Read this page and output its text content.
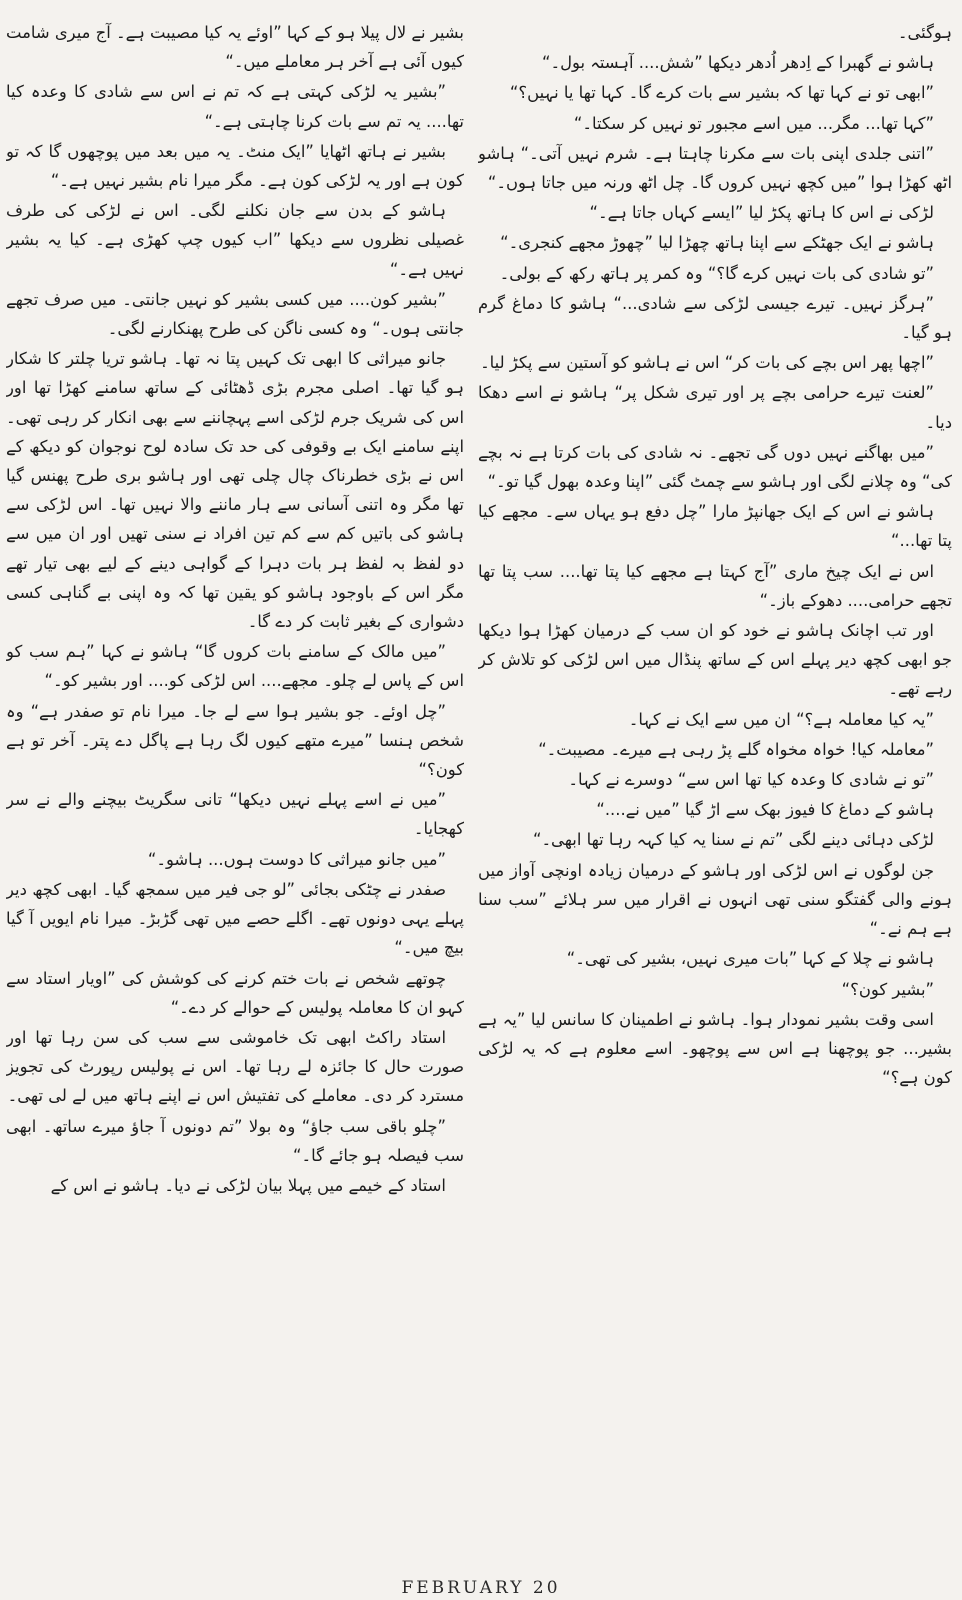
ہوگئی۔

ہاشو نے گھبرا کے اِدھر اُدھر دیکھا ”شش.... آہستہ بول۔“

”ابھی تو نے کہا تھا کہ بشیر سے بات کرے گا۔ کہا تھا یا نہیں؟“

”کہا تھا... مگر... میں اسے مجبور تو نہیں کر سکتا۔“

”اتنی جلدی اپنی بات سے مکرنا چاہتا ہے۔ شرم نہیں آتی۔“ ہاشو اٹھ کھڑا ہوا ”میں کچھ نہیں کروں گا۔ چل اٹھ ورنہ میں جاتا ہوں۔“

لڑکی نے اس کا ہاتھ پکڑ لیا ”ایسے کہاں جاتا ہے۔“

ہاشو نے ایک جھٹکے سے اپنا ہاتھ چھڑا لیا ”چھوڑ مجھے کنجری۔“

”تو شادی کی بات نہیں کرے گا؟“ وہ کمر پر ہاتھ رکھ کے بولی۔

”ہرگز نہیں۔ تیرے جیسی لڑکی سے شادی...“ ہاشو کا دماغ گرم ہو گیا۔

”اچھا پھر اس بچے کی بات کر“ اس نے ہاشو کو آستین سے پکڑ لیا۔

”لعنت تیرے حرامی بچے پر اور تیری شکل پر“ ہاشو نے اسے دھکا دیا۔

”میں بھاگنے نہیں دوں گی تجھے۔ نہ شادی کی بات کرتا ہے نہ بچے کی“ وہ چلانے لگی اور ہاشو سے چمٹ گئی ”اپنا وعدہ بھول گیا تو۔“

ہاشو نے اس کے ایک جھانپڑ مارا ”چل دفع ہو یہاں سے۔ مجھے کیا پتا تھا...“

اس نے ایک چیخ ماری ”آج کہتا ہے مجھے کیا پتا تھا.... سب پتا تھا تجھے حرامی.... دھوکے باز۔“

اور تب اچانک ہاشو نے خود کو ان سب کے درمیان کھڑا ہوا دیکھا جو ابھی کچھ دیر پہلے اس کے ساتھ پنڈال میں اس لڑکی کو تلاش کر رہے تھے۔

”یہ کیا معاملہ ہے؟“ ان میں سے ایک نے کہا۔

”معاملہ کیا! خواہ مخواہ گلے پڑ رہی ہے میرے۔ مصیبت۔“

”تو نے شادی کا وعدہ کیا تھا اس سے“ دوسرے نے کہا۔

ہاشو کے دماغ کا فیوز بھک سے اڑ گیا ”میں نے....“

لڑکی دہائی دینے لگی ”تم نے سنا یہ کیا کہہ رہا تھا ابھی۔“

جن لوگوں نے اس لڑکی اور ہاشو کے درمیان زیادہ اونچی آواز میں ہونے والی گفتگو سنی تھی انہوں نے اقرار میں سر ہلائے ”سب سنا ہے ہم نے۔“

ہاشو نے چلا کے کہا ”بات میری نہیں، بشیر کی تھی۔“

”بشیر کون؟“

اسی وقت بشیر نمودار ہوا۔ ہاشو نے اطمینان کا سانس لیا ”یہ ہے بشیر... جو پوچھنا ہے اس سے پوچھو۔ اسے معلوم ہے کہ یہ لڑکی کون ہے؟“

بشیر نے لال پیلا ہو کے کہا ”اوئے یہ کیا مصیبت ہے۔ آج میری شامت کیوں آئی ہے آخر ہر معاملے میں۔“

”بشیر یہ لڑکی کہتی ہے کہ تم نے اس سے شادی کا وعدہ کیا تھا.... یہ تم سے بات کرنا چاہتی ہے۔“

بشیر نے ہاتھ اٹھایا ”ایک منٹ۔ یہ میں بعد میں پوچھوں گا کہ تو کون ہے اور یہ لڑکی کون ہے۔ مگر میرا نام بشیر نہیں ہے۔“

ہاشو کے بدن سے جان نکلنے لگی۔ اس نے لڑکی کی طرف غصیلی نظروں سے دیکھا ”اب کیوں چپ کھڑی ہے۔ کیا یہ بشیر نہیں ہے۔“

”بشیر کون.... میں کسی بشیر کو نہیں جانتی۔ میں صرف تجھے جانتی ہوں۔“ وہ کسی ناگن کی طرح پھنکارنے لگی۔

جانو میراثی کا ابھی تک کہیں پتا نہ تھا۔ ہاشو تریا چلتر کا شکار ہو گیا تھا۔ اصلی مجرم بڑی ڈھٹائی کے ساتھ سامنے کھڑا تھا اور اس کی شریک جرم لڑکی اسے پہچاننے سے بھی انکار کر رہی تھی۔ اپنے سامنے ایک بے وقوفی کی حد تک سادہ لوح نوجوان کو دیکھ کے اس نے بڑی خطرناک چال چلی تھی اور ہاشو بری طرح پھنس گیا تھا مگر وہ اتنی آسانی سے ہار ماننے والا نہیں تھا۔ اس لڑکی سے ہاشو کی باتیں کم سے کم تین افراد نے سنی تھیں اور ان میں سے دو لفظ بہ لفظ ہر بات دہرا کے گواہی دینے کے لیے بھی تیار تھے مگر اس کے باوجود ہاشو کو یقین تھا کہ وہ اپنی بے گناہی کسی دشواری کے بغیر ثابت کر دے گا۔

”میں مالک کے سامنے بات کروں گا“ ہاشو نے کہا ”ہم سب کو اس کے پاس لے چلو۔ مجھے.... اس لڑکی کو.... اور بشیر کو۔“

”چل اوئے۔ جو بشیر ہوا سے لے جا۔ میرا نام تو صفدر ہے“ وہ شخص ہنسا ”میرے متھے کیوں لگ رہا ہے پاگل دے پتر۔ آخر تو ہے کون؟“

”میں نے اسے پہلے نہیں دیکھا“ تانی سگریٹ بیچنے والے نے سر کھجایا۔

”میں جانو میراثی کا دوست ہوں... ہاشو۔“

صفدر نے چٹکی بجائی ”لو جی فیر میں سمجھ گیا۔ ابھی کچھ دیر پہلے یہی دونوں تھے۔ اگلے حصے میں تھی گڑبڑ۔ میرا نام ایویں آ گیا بیچ میں۔“

چوتھے شخص نے بات ختم کرنے کی کوشش کی ”اویار استاد سے کہو ان کا معاملہ پولیس کے حوالے کر دے۔“

استاد راکٹ ابھی تک خاموشی سے سب کی سن رہا تھا اور صورت حال کا جائزہ لے رہا تھا۔ اس نے پولیس رپورٹ کی تجویز مسترد کر دی۔ معاملے کی تفتیش اس نے اپنے ہاتھ میں لے لی تھی۔

”چلو باقی سب جاؤ“ وہ بولا ”تم دونوں آ جاؤ میرے ساتھ۔ ابھی سب فیصلہ ہو جائے گا۔“

استاد کے خیمے میں پہلا بیان لڑکی نے دیا۔ ہاشو نے اس کے

FEBRUARY 20
